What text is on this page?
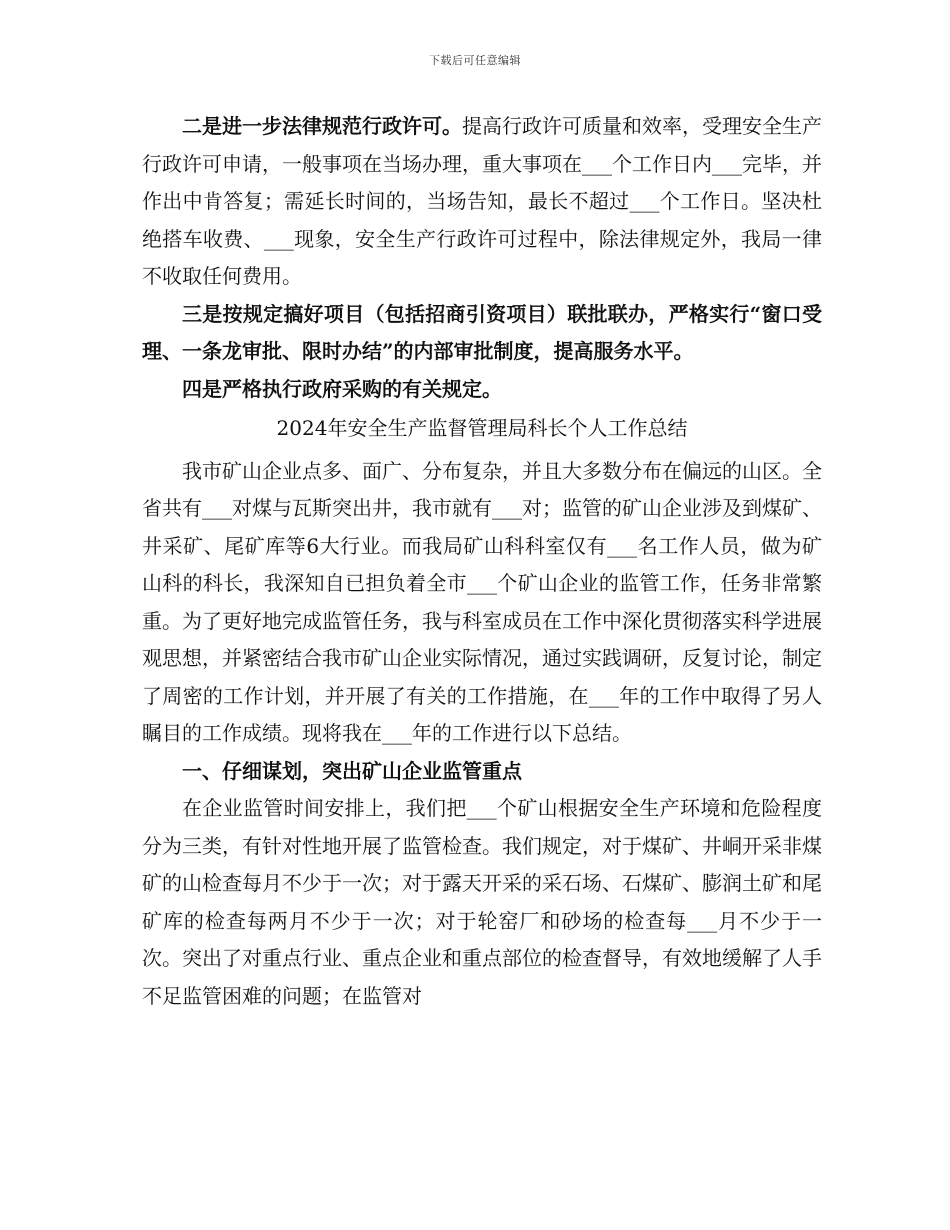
下载后可任意编辑

二是进一步法律规范行政许可。提高行政许可质量和效率，受理安全生产行政许可申请，一般事项在当场办理，重大事项在___个工作日内___完毕，并作出中肯答复；需延长时间的，当场告知，最长不超过___个工作日。坚决杜绝搭车收费、___现象，安全生产行政许可过程中，除法律规定外，我局一律不收取任何费用。

三是按规定搞好项目（包括招商引资项目）联批联办，严格实行“窗口受理、一条龙审批、限时办结”的内部审批制度，提高服务水平。

四是严格执行政府采购的有关规定。

2024年安全生产监督管理局科长个人工作总结

我市矿山企业点多、面广、分布复杂，并且大多数分布在偏远的山区。全省共有___对煤与瓦斯突出井，我市就有___对；监管的矿山企业涉及到煤矿、井采矿、尾矿库等6大行业。而我局矿山科科室仅有___名工作人员，做为矿山科的科长，我深知自已担负着全市___个矿山企业的监管工作，任务非常繁重。为了更好地完成监管任务，我与科室成员在工作中深化贯彻落实科学进展观思想，并紧密结合我市矿山企业实际情况，通过实践调研，反复讨论，制定了周密的工作计划，并开展了有关的工作措施，在___年的工作中取得了另人瞩目的工作成绩。现将我在___年的工作进行以下总结。

一、仔细谋划，突出矿山企业监管重点

在企业监管时间安排上，我们把___个矿山根据安全生产环境和危险程度分为三类，有针对性地开展了监管检查。我们规定，对于煤矿、井峒开采非煤矿的山检查每月不少于一次；对于露天开采的采石场、石煤矿、膨润土矿和尾矿库的检查每两月不少于一次；对于轮窑厂和砂场的检查每___月不少于一次。突出了对重点行业、重点企业和重点部位的检查督导，有效地缓解了人手不足监管困难的问题；在监管对
